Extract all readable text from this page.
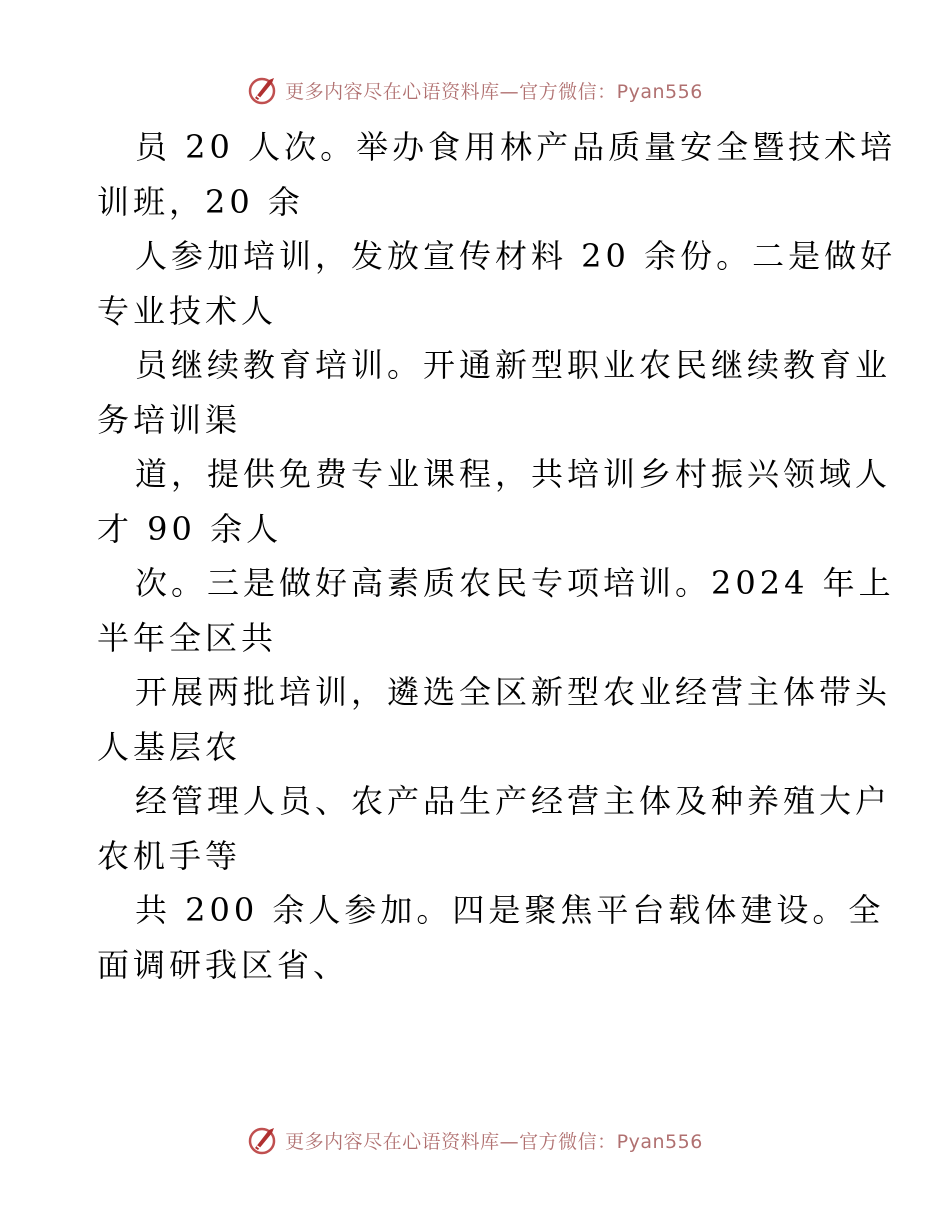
更多内容尽在心语资料库—官方微信：Pyan556
员 20 人次。举办食用林产品质量安全暨技术培
训班，20 余
人参加培训，发放宣传材料 20 余份。二是做好
专业技术人
员继续教育培训。开通新型职业农民继续教育业
务培训渠
道，提供免费专业课程，共培训乡村振兴领域人
才 90 余人
次。三是做好高素质农民专项培训。2024 年上
半年全区共
开展两批培训，遴选全区新型农业经营主体带头
人基层农
经管理人员、农产品生产经营主体及种养殖大户
农机手等
共 200 余人参加。四是聚焦平台载体建设。全
面调研我区省、
更多内容尽在心语资料库—官方微信：Pyan556
